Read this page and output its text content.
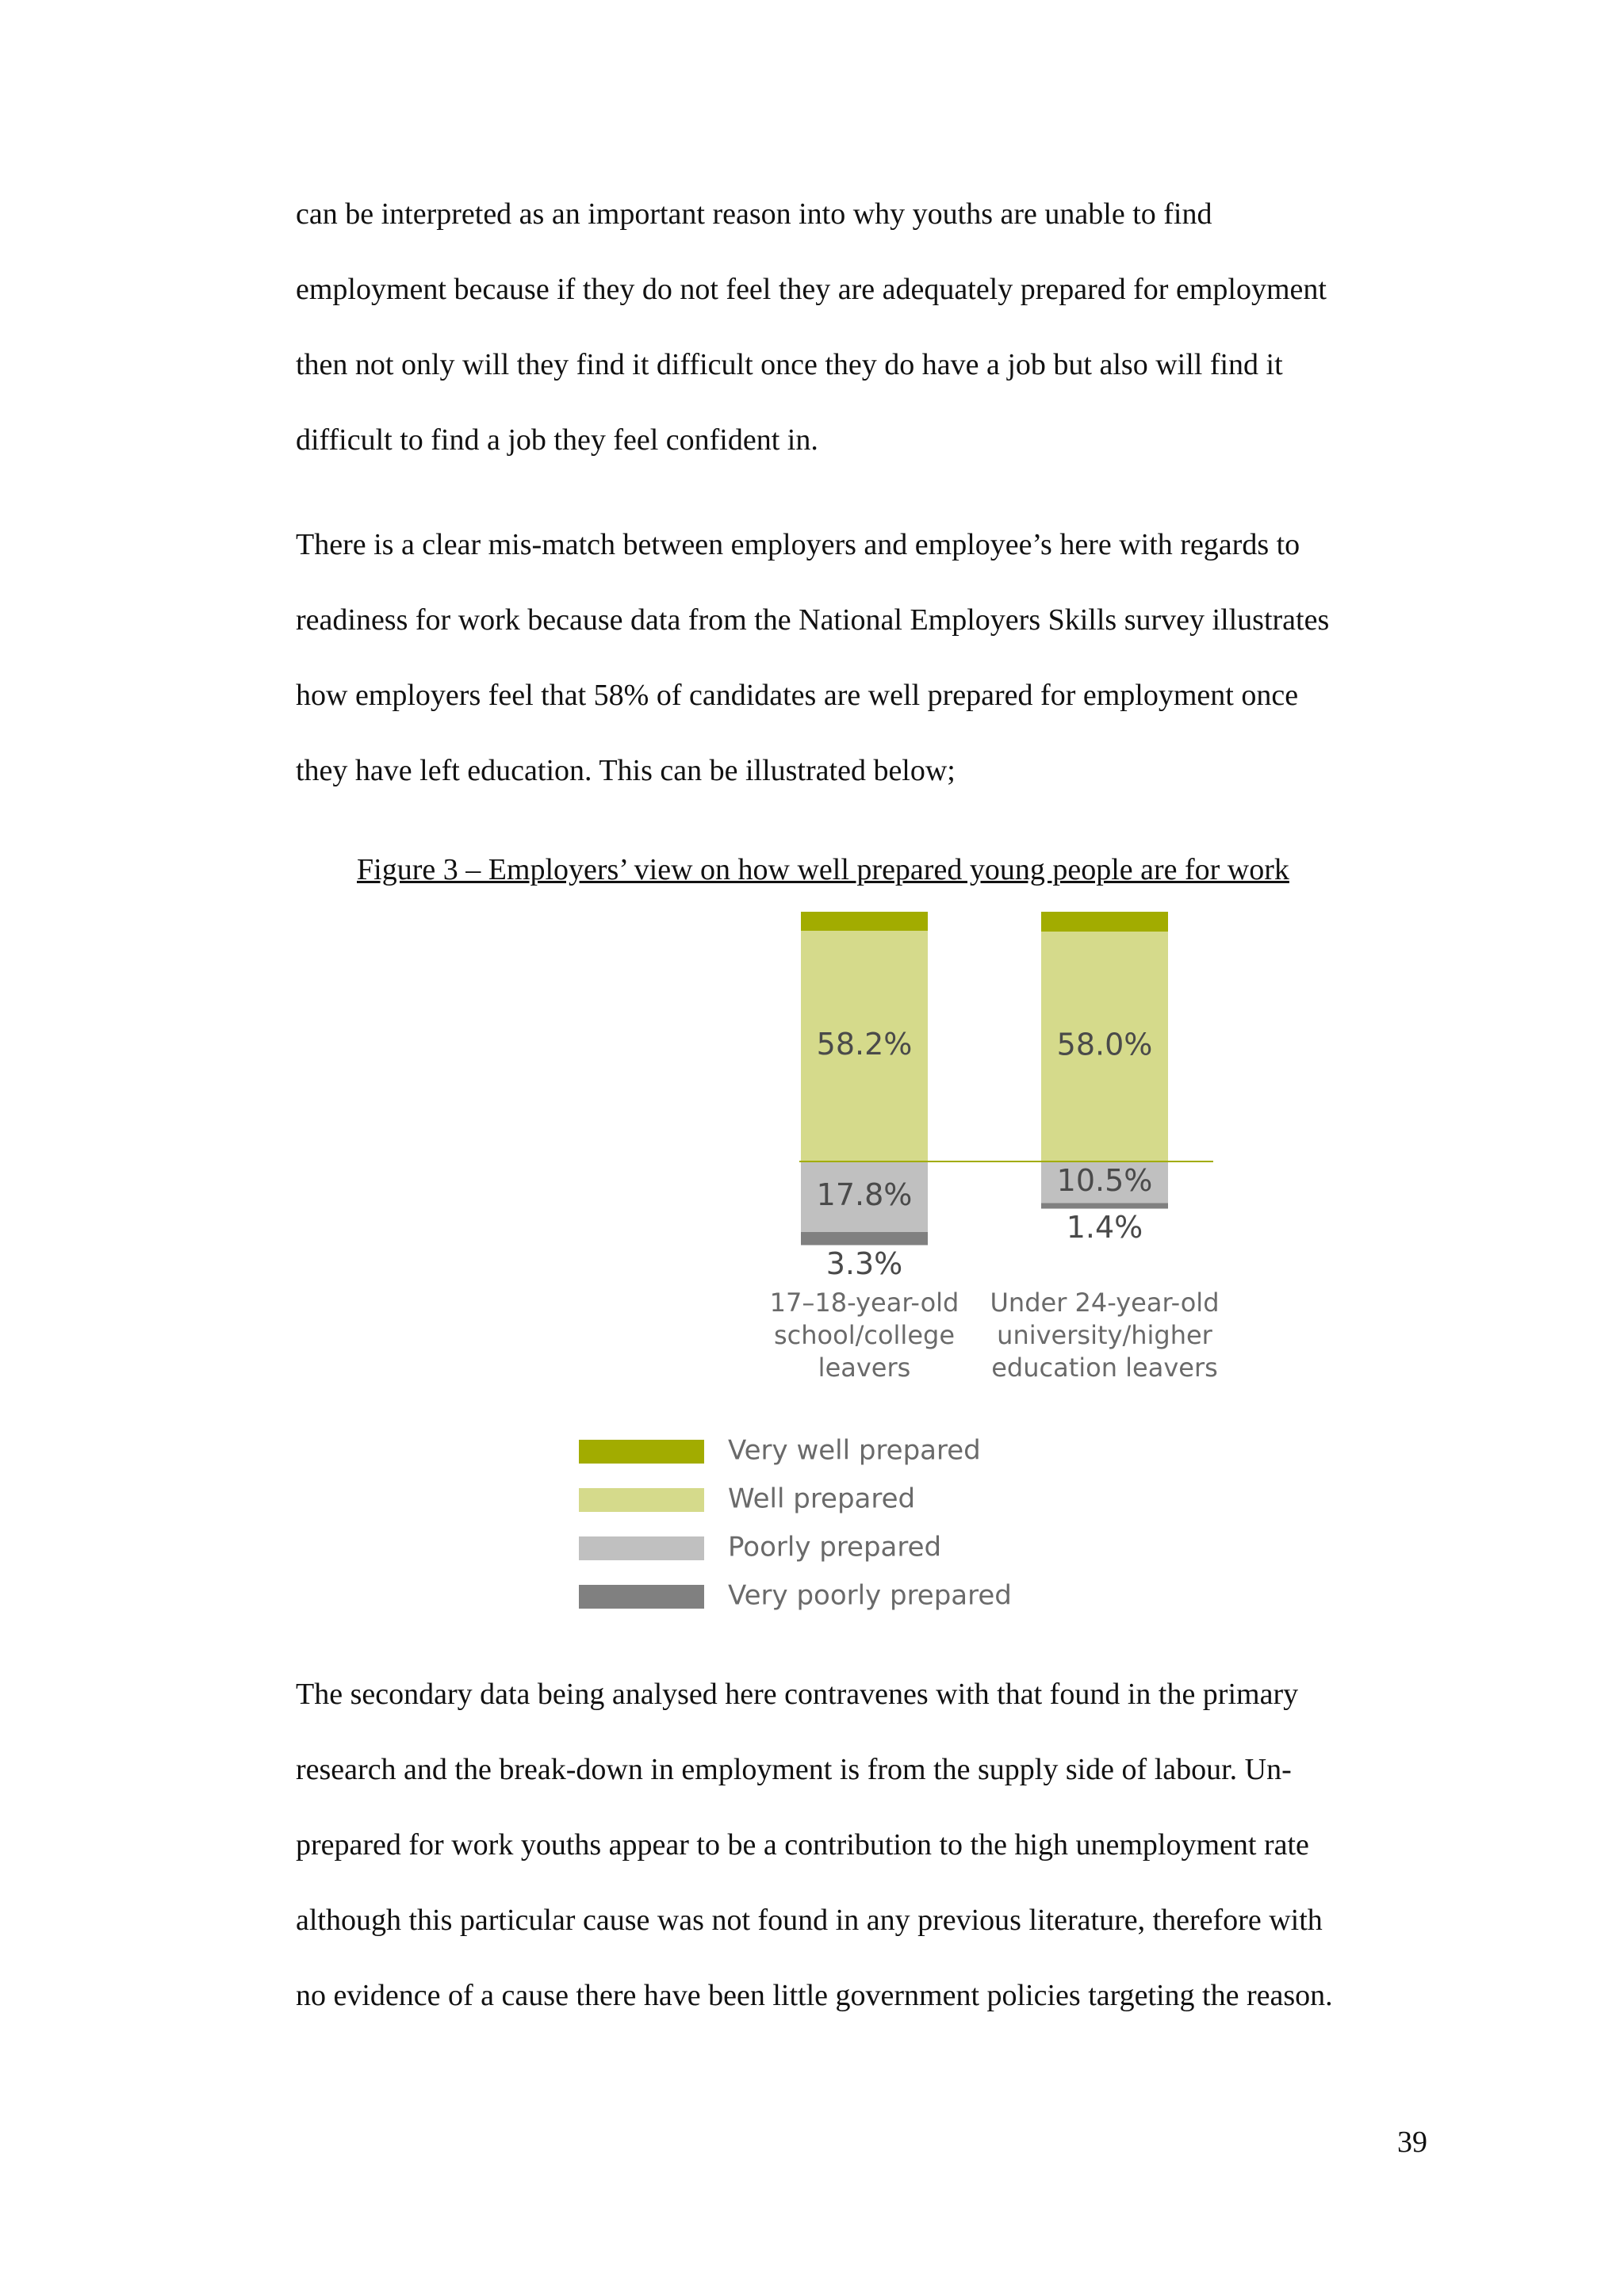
can be interpreted as an important reason into why youths are unable to find
employment because if they do not feel they are adequately prepared for employment
then not only will they find it difficult once they do have a job but also will find it
difficult to find a job they feel confident in.
There is a clear mis-match between employers and employee’s here with regards to
readiness for work because data from the National Employers Skills survey illustrates
how employers feel that 58% of candidates are well prepared for employment once
they have left education. This can be illustrated below;
Figure 3 – Employers’ view on how well prepared young people are for work
58.2%
17.8%
3.3%
17–18-year-old
school/college
leavers
58.0%
10.5%
1.4%
Under 24-year-old
university/higher
education leavers
Very well prepared
Well prepared
Poorly prepared
Very poorly prepared
The secondary data being analysed here contravenes with that found in the primary
research and the break-down in employment is from the supply side of labour. Un-
prepared for work youths appear to be a contribution to the high unemployment rate
although this particular cause was not found in any previous literature, therefore with
no evidence of a cause there have been little government policies targeting the reason.
39
